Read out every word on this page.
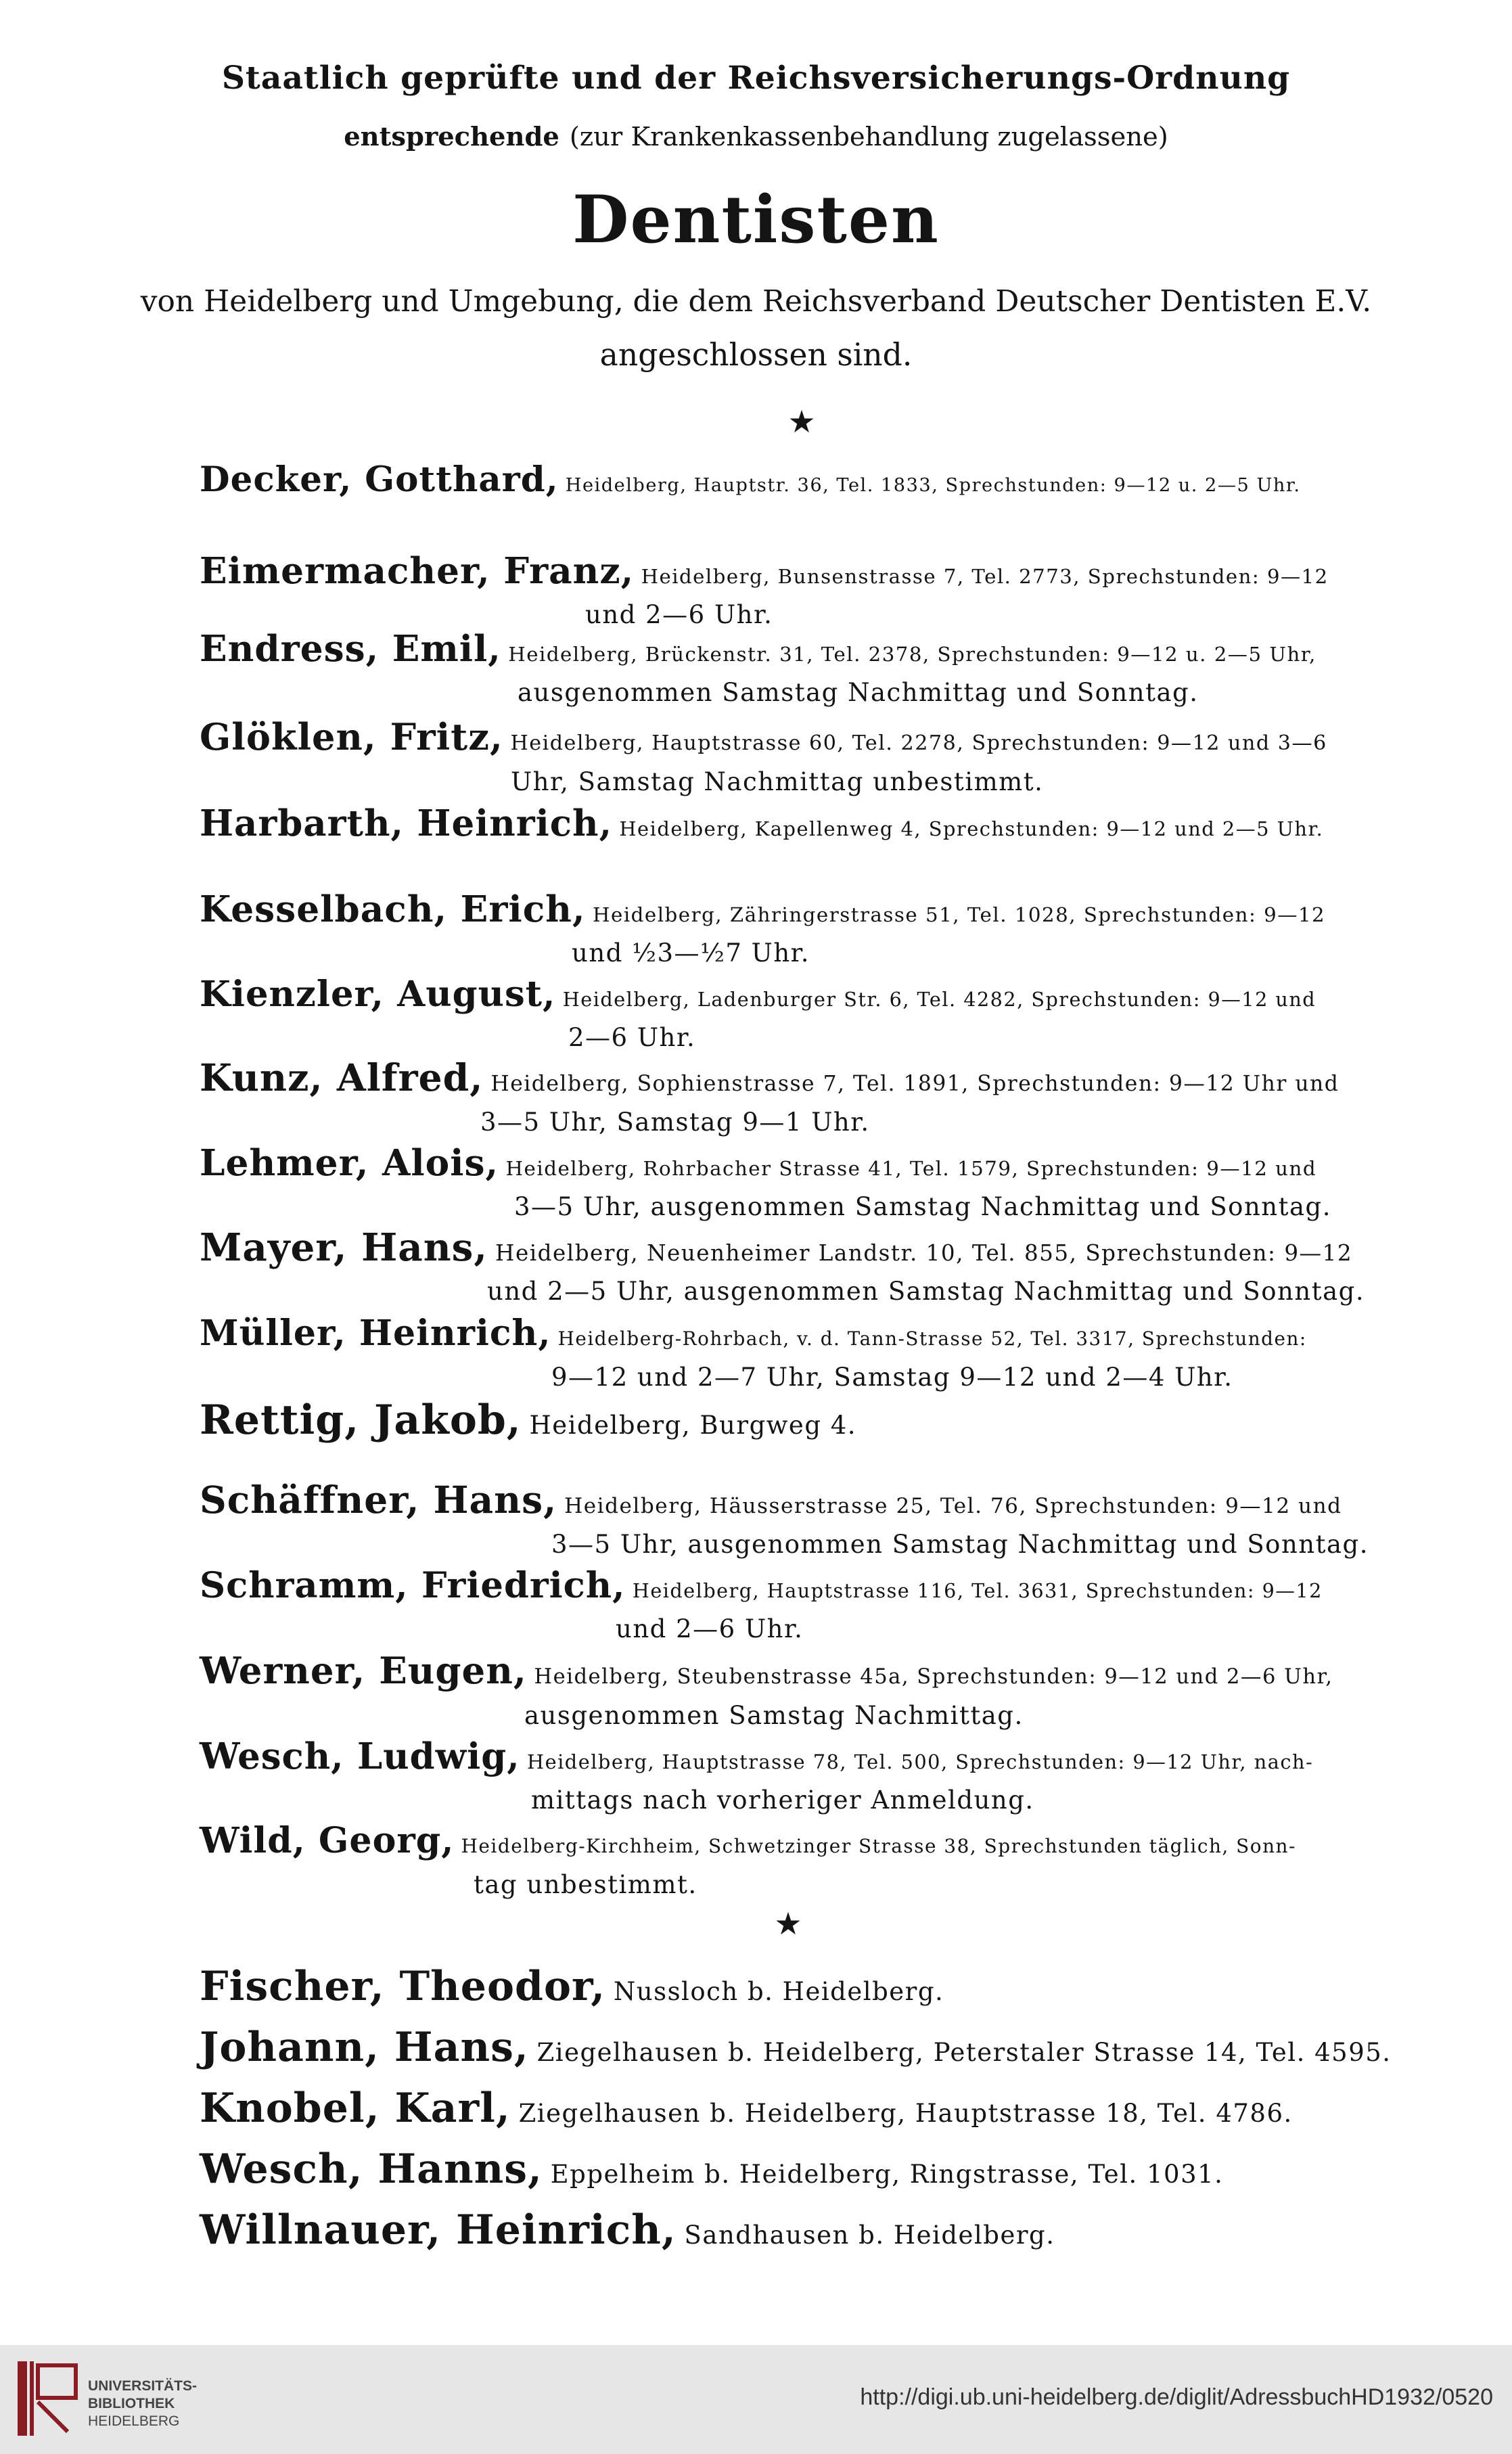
Staatlich geprüfte und der Reichsversicherungs-Ordnung
entsprechende (zur Krankenkassenbehandlung zugelassene)
Dentisten
von Heidelberg und Umgebung, die dem Reichsverband Deutscher Dentisten E.V.
angeschlossen sind.
★
★
Decker, Gotthard, Heidelberg, Hauptstr. 36, Tel. 1833, Sprechstunden: 9—12 u. 2—5 Uhr.
Eimermacher, Franz, Heidelberg, Bunsenstrasse 7, Tel. 2773, Sprechstunden: 9—12
und 2—6 Uhr.
Endress, Emil, Heidelberg, Brückenstr. 31, Tel. 2378, Sprechstunden: 9—12 u. 2—5 Uhr,
ausgenommen Samstag Nachmittag und Sonntag.
Glöklen, Fritz, Heidelberg, Hauptstrasse 60, Tel. 2278, Sprechstunden: 9—12 und 3—6
Uhr, Samstag Nachmittag unbestimmt.
Harbarth, Heinrich, Heidelberg, Kapellenweg 4, Sprechstunden: 9—12 und 2—5 Uhr.
Kesselbach, Erich, Heidelberg, Zähringerstrasse 51, Tel. 1028, Sprechstunden: 9—12
und ½3—½7 Uhr.
Kienzler, August, Heidelberg, Ladenburger Str. 6, Tel. 4282, Sprechstunden: 9—12 und
2—6 Uhr.
Kunz, Alfred, Heidelberg, Sophienstrasse 7, Tel. 1891, Sprechstunden: 9—12 Uhr und
3—5 Uhr, Samstag 9—1 Uhr.
Lehmer, Alois, Heidelberg, Rohrbacher Strasse 41, Tel. 1579, Sprechstunden: 9—12 und
3—5 Uhr, ausgenommen Samstag Nachmittag und Sonntag.
Mayer, Hans, Heidelberg, Neuenheimer Landstr. 10, Tel. 855, Sprechstunden: 9—12
und 2—5 Uhr, ausgenommen Samstag Nachmittag und Sonntag.
Müller, Heinrich, Heidelberg-Rohrbach, v. d. Tann-Strasse 52, Tel. 3317, Sprechstunden:
9—12 und 2—7 Uhr, Samstag 9—12 und 2—4 Uhr.
Rettig, Jakob, Heidelberg, Burgweg 4.
Schäffner, Hans, Heidelberg, Häusserstrasse 25, Tel. 76, Sprechstunden: 9—12 und
3—5 Uhr, ausgenommen Samstag Nachmittag und Sonntag.
Schramm, Friedrich, Heidelberg, Hauptstrasse 116, Tel. 3631, Sprechstunden: 9—12
und 2—6 Uhr.
Werner, Eugen, Heidelberg, Steubenstrasse 45a, Sprechstunden: 9—12 und 2—6 Uhr,
ausgenommen Samstag Nachmittag.
Wesch, Ludwig, Heidelberg, Hauptstrasse 78, Tel. 500, Sprechstunden: 9—12 Uhr, nach-
mittags nach vorheriger Anmeldung.
Wild, Georg, Heidelberg-Kirchheim, Schwetzinger Strasse 38, Sprechstunden täglich, Sonn-
tag unbestimmt.
Fischer, Theodor, Nussloch b. Heidelberg.
Johann, Hans, Ziegelhausen b. Heidelberg, Peterstaler Strasse 14, Tel. 4595.
Knobel, Karl, Ziegelhausen b. Heidelberg, Hauptstrasse 18, Tel. 4786.
Wesch, Hanns, Eppelheim b. Heidelberg, Ringstrasse, Tel. 1031.
Willnauer, Heinrich, Sandhausen b. Heidelberg.
UNIVERSITÄTS-
BIBLIOTHEK
HEIDELBERG
http://digi.ub.uni-heidelberg.de/diglit/AdressbuchHD1932/0520
